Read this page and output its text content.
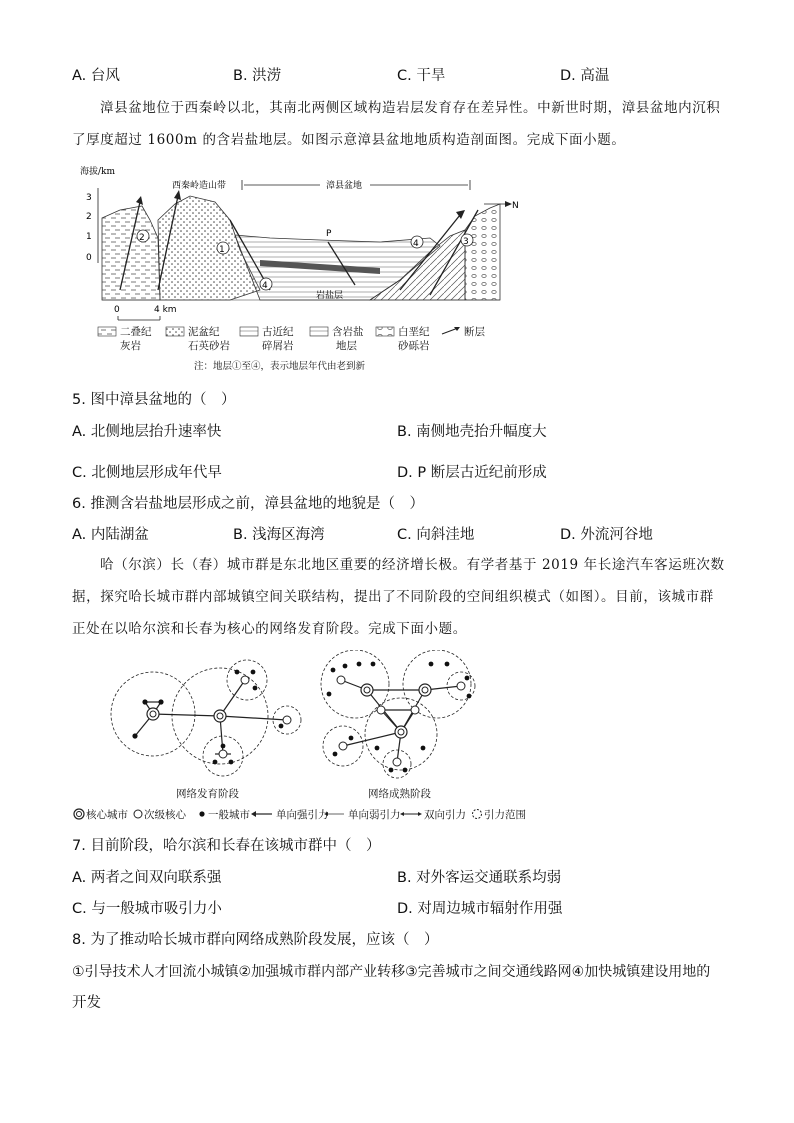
A. 台风	B. 洪涝	C. 干旱	D. 高温
漳县盆地位于西秦岭以北，其南北两侧区域构造岩层发育存在差异性。中新世时期，漳县盆地内沉积
了厚度超过 1600m 的含岩盐地层。如图示意漳县盆地地质构造剖面图。完成下面小题。
海拔/km
3
2
1
0
西秦岭造山带	漳县盆地
N
2
1
4
4	3
P
岩盐层
0	4 km
二叠纪
灰岩
泥盆纪
石英砂岩
古近纪
碎屑岩
含岩盐
地层
白垩纪
砂砾岩
断层
注：地层①至④，表示地层年代由老到新
5. 图中漳县盆地的（　）
A. 北侧地层抬升速率快	B. 南侧地壳抬升幅度大
C. 北侧地层形成年代早	D. P 断层古近纪前形成
6. 推测含岩盐地层形成之前，漳县盆地的地貌是（　）
A. 内陆湖盆	B. 浅海区海湾	C. 向斜洼地	D. 外流河谷地
哈（尔滨）长（春）城市群是东北地区重要的经济增长极。有学者基于 2019 年长途汽车客运班次数
据，探究哈长城市群内部城镇空间关联结构，提出了不同阶段的空间组织模式（如图）。目前，该城市群
正处在以哈尔滨和长春为核心的网络发育阶段。完成下面小题。
网络发育阶段	网络成熟阶段
核心城市 次级核心 一般城市 单向强引力 单向弱引力 双向引力 引力范围
7. 目前阶段，哈尔滨和长春在该城市群中（　）
A. 两者之间双向联系强	B. 对外客运交通联系均弱
C. 与一般城市吸引力小	D. 对周边城市辐射作用强
8. 为了推动哈长城市群向网络成熟阶段发展，应该（　）
①引导技术人才回流小城镇②加强城市群内部产业转移③完善城市之间交通线路网④加快城镇建设用地的
开发
